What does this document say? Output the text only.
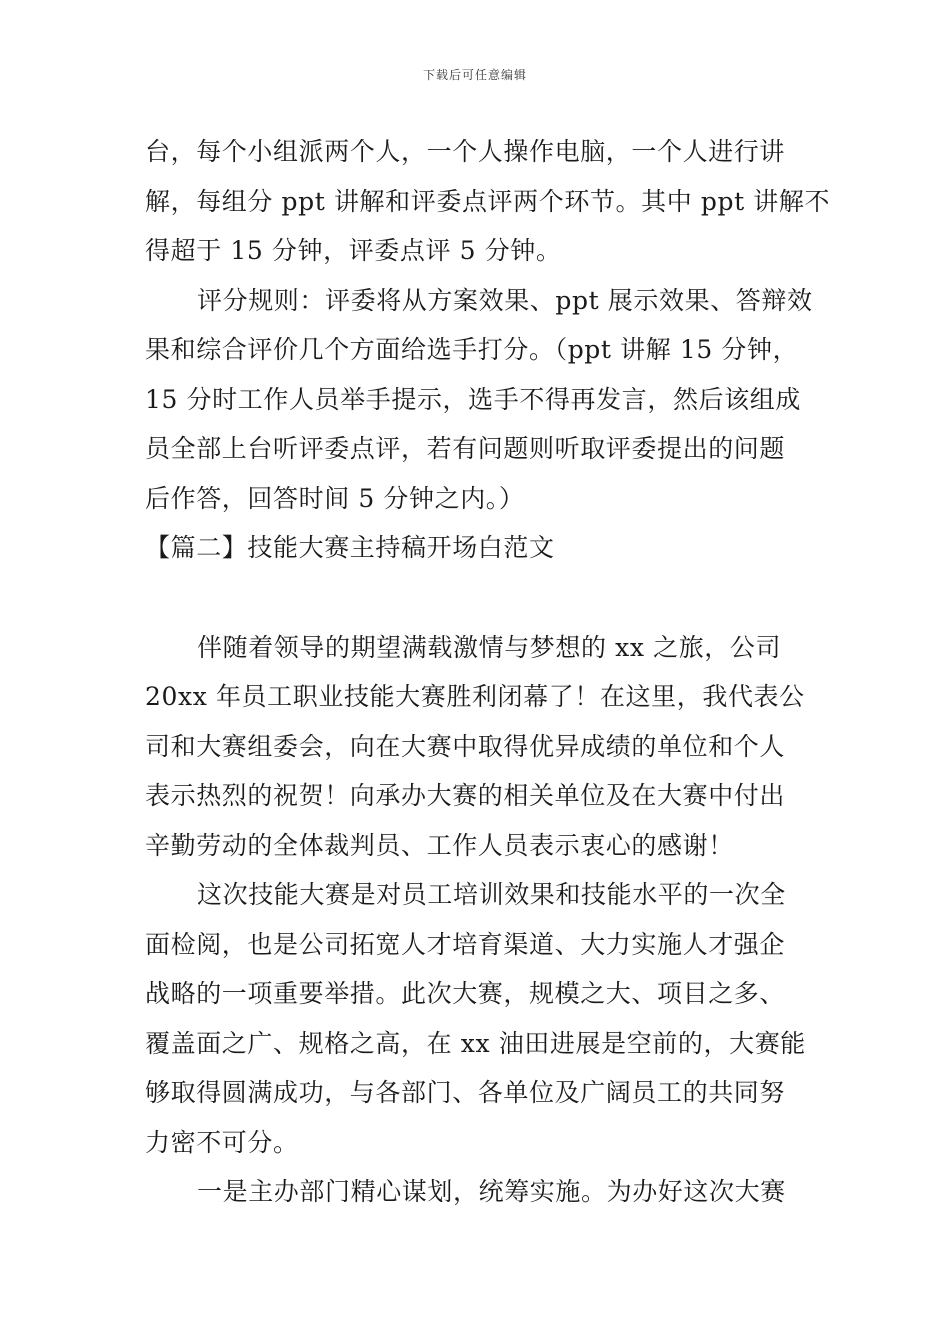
下载后可任意编辑
台，每个小组派两个人，一个人操作电脑，一个人进行讲
解，每组分 ppt 讲解和评委点评两个环节。其中 ppt 讲解不
得超于 15 分钟，评委点评 5 分钟。
评分规则：评委将从方案效果、ppt 展示效果、答辩效
果和综合评价几个方面给选手打分。（ppt 讲解 15 分钟，
15 分时工作人员举手提示，选手不得再发言，然后该组成
员全部上台听评委点评，若有问题则听取评委提出的问题
后作答，回答时间 5 分钟之内。）
【篇二】技能大赛主持稿开场白范文
伴随着领导的期望满载激情与梦想的 xx 之旅，公司
20xx 年员工职业技能大赛胜利闭幕了！在这里，我代表公
司和大赛组委会，向在大赛中取得优异成绩的单位和个人
表示热烈的祝贺！向承办大赛的相关单位及在大赛中付出
辛勤劳动的全体裁判员、工作人员表示衷心的感谢！
这次技能大赛是对员工培训效果和技能水平的一次全
面检阅，也是公司拓宽人才培育渠道、大力实施人才强企
战略的一项重要举措。此次大赛，规模之大、项目之多、
覆盖面之广、规格之高，在 xx 油田进展是空前的，大赛能
够取得圆满成功，与各部门、各单位及广阔员工的共同努
力密不可分。
一是主办部门精心谋划，统筹实施。为办好这次大赛
